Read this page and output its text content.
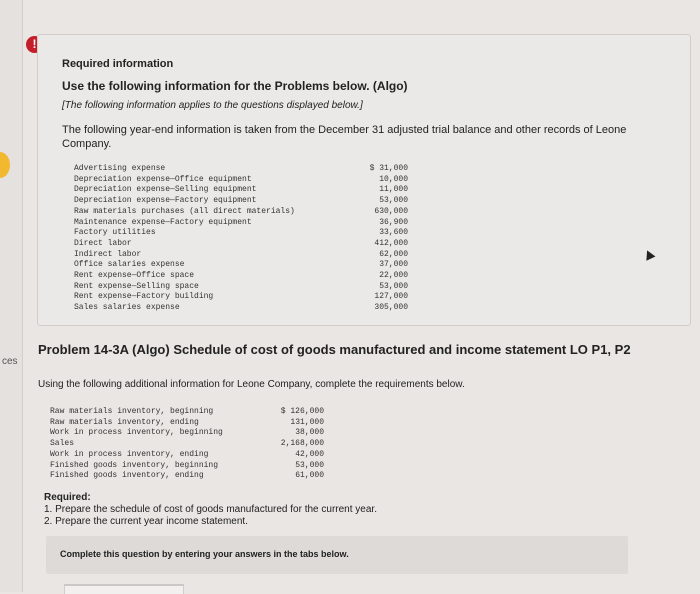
ces
!
Required information
Use the following information for the Problems below. (Algo)
[The following information applies to the questions displayed below.]
The following year-end information is taken from the December 31 adjusted trial balance and other records of Leone Company.
Advertising expense	$ 31,000
Depreciation expense—Office equipment	10,000
Depreciation expense—Selling equipment	11,000
Depreciation expense—Factory equipment	53,000
Raw materials purchases (all direct materials)	630,000
Maintenance expense—Factory equipment	36,900
Factory utilities	33,600
Direct labor	412,000
Indirect labor	62,000
Office salaries expense	37,000
Rent expense—Office space	22,000
Rent expense—Selling space	53,000
Rent expense—Factory building	127,000
Sales salaries expense	305,000
Problem 14-3A (Algo) Schedule of cost of goods manufactured and income statement LO P1, P2
Using the following additional information for Leone Company, complete the requirements below.
Raw materials inventory, beginning	$ 126,000
Raw materials inventory, ending	131,000
Work in process inventory, beginning	38,000
Sales	2,168,000
Work in process inventory, ending	42,000
Finished goods inventory, beginning	53,000
Finished goods inventory, ending	61,000
Required:
1. Prepare the schedule of cost of goods manufactured for the current year.
2. Prepare the current year income statement.
Complete this question by entering your answers in the tabs below.
